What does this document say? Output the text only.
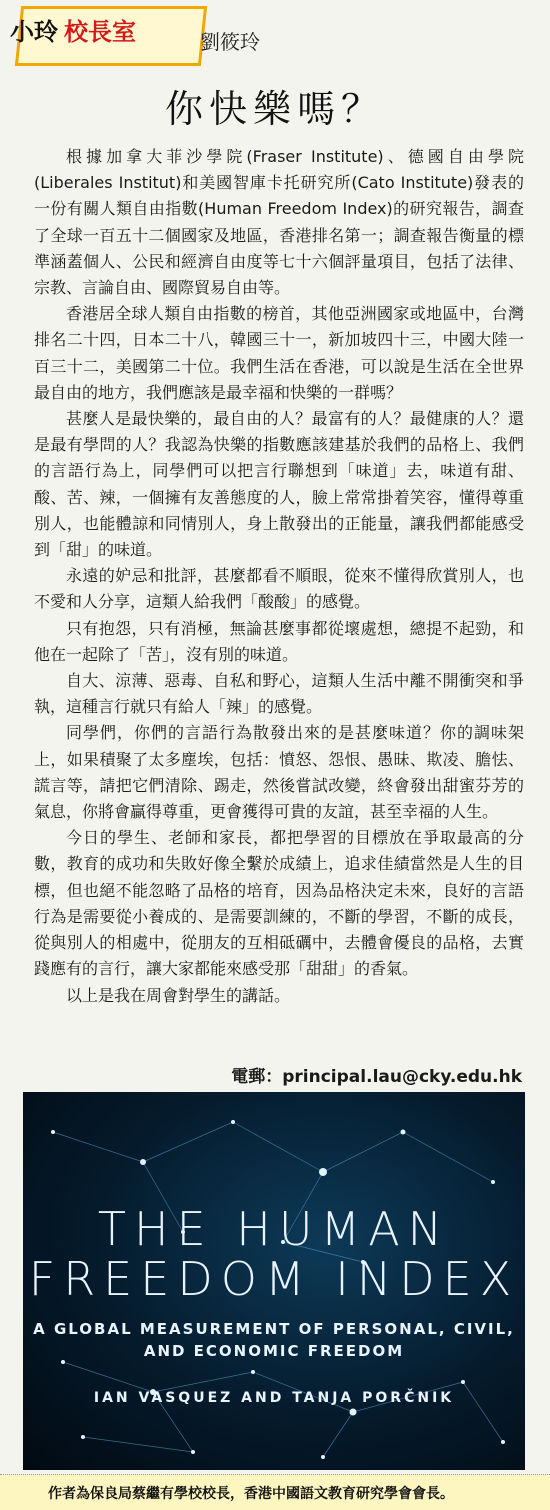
小玲 校長室	劉筱玲
你快樂嗎？

根據加拿大菲沙學院(Fraser Institute)、德國自由學院(Liberales Institut)和美國智庫卡托研究所(Cato Institute)發表的一份有關人類自由指數(Human Freedom Index)的研究報告，調查了全球一百五十二個國家及地區，香港排名第一；調查報告衡量的標準涵蓋個人、公民和經濟自由度等七十六個評量項目，包括了法律、宗教、言論自由、國際貿易自由等。

香港居全球人類自由指數的榜首，其他亞洲國家或地區中，台灣排名二十四，日本二十八，韓國三十一，新加坡四十三，中國大陸一百三十二，美國第二十位。我們生活在香港，可以說是生活在全世界最自由的地方，我們應該是最幸福和快樂的一群嗎？

甚麼人是最快樂的，最自由的人？最富有的人？最健康的人？還是最有學問的人？我認為快樂的指數應該建基於我們的品格上、我們的言語行為上，同學們可以把言行聯想到「味道」去，味道有甜、酸、苦、辣，一個擁有友善態度的人，臉上常常掛着笑容，懂得尊重別人，也能體諒和同情別人，身上散發出的正能量，讓我們都能感受到「甜」的味道。

永遠的妒忌和批評，甚麼都看不順眼，從來不懂得欣賞別人，也不愛和人分享，這類人給我們「酸酸」的感覺。

只有抱怨，只有消極，無論甚麼事都從壞處想，總提不起勁，和他在一起除了「苦」，沒有別的味道。

自大、涼薄、惡毒、自私和野心，這類人生活中離不開衝突和爭執，這種言行就只有給人「辣」的感覺。

同學們，你們的言語行為散發出來的是甚麼味道？你的調味架上，如果積聚了太多塵埃，包括：憤怒、怨恨、愚昧、欺凌、膽怯、謊言等，請把它們清除、踢走，然後嘗試改變，終會發出甜蜜芬芳的氣息，你將會贏得尊重，更會獲得可貴的友誼，甚至幸福的人生。

今日的學生、老師和家長，都把學習的目標放在爭取最高的分數，教育的成功和失敗好像全繫於成績上，追求佳績當然是人生的目標，但也絕不能忽略了品格的培育，因為品格決定未來，良好的言語行為是需要從小養成的、是需要訓練的，不斷的學習，不斷的成長，從與別人的相處中，從朋友的互相砥礪中，去體會優良的品格，去實踐應有的言行，讓大家都能來感受那「甜甜」的香氣。

以上是我在周會對學生的講話。

電郵：principal.lau@cky.edu.hk
THE HUMAN
FREEDOM INDEX
A GLOBAL MEASUREMENT OF PERSONAL, CIVIL,
AND ECONOMIC FREEDOM
IAN VASQUEZ AND TANJA PORČNIK
作者為保良局蔡繼有學校校長，香港中國語文教育研究學會會長。
